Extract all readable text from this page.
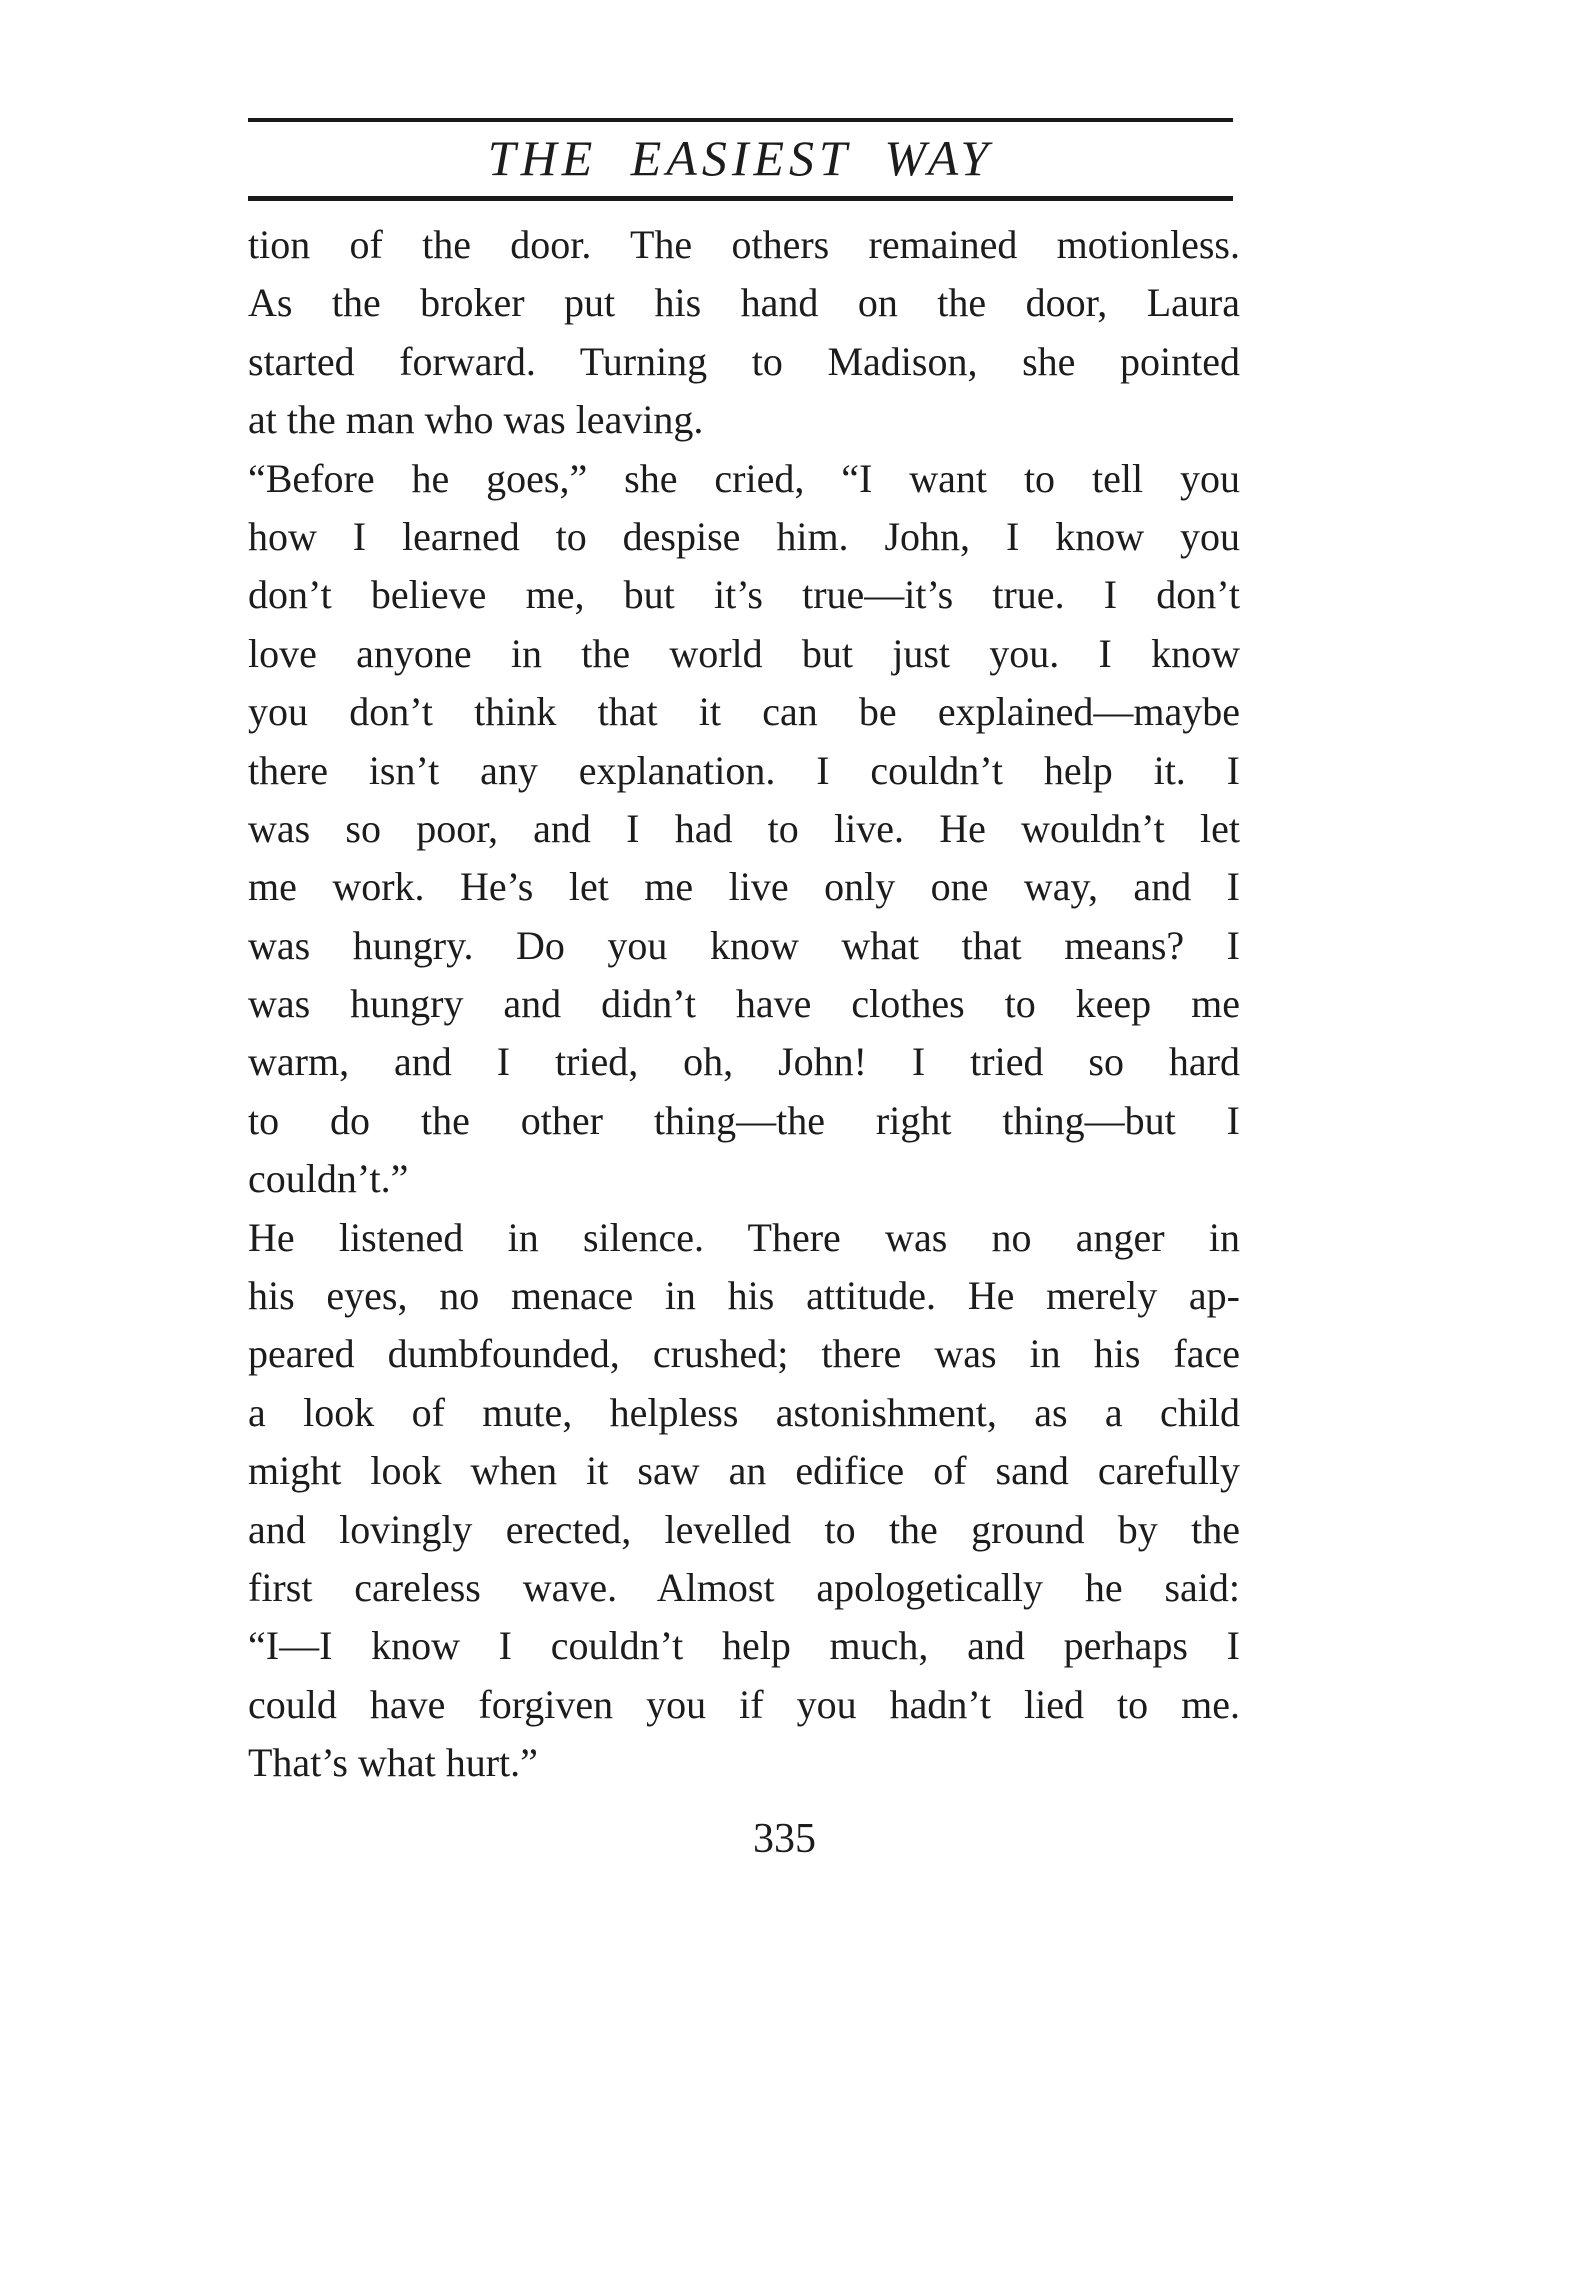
THE EASIEST WAY

tion of the door. The others remained motionless.
As the broker put his hand on the door, Laura
started forward. Turning to Madison, she pointed
at the man who was leaving.

“Before he goes,” she cried, “I want to tell you
how I learned to despise him. John, I know you
don’t believe me, but it’s true—it’s true. I don’t
love anyone in the world but just you. I know
you don’t think that it can be explained—maybe
there isn’t any explanation. I couldn’t help it. I
was so poor, and I had to live. He wouldn’t let
me work. He’s let me live only one way, and I
was hungry. Do you know what that means? I
was hungry and didn’t have clothes to keep me
warm, and I tried, oh, John! I tried so hard
to do the other thing—the right thing—but I
couldn’t.”

He listened in silence. There was no anger in
his eyes, no menace in his attitude. He merely ap-
peared dumbfounded, crushed; there was in his face
a look of mute, helpless astonishment, as a child
might look when it saw an edifice of sand carefully
and lovingly erected, levelled to the ground by the
first careless wave. Almost apologetically he said:

“I—I know I couldn’t help much, and perhaps I
could have forgiven you if you hadn’t lied to me.
That’s what hurt.”

335
